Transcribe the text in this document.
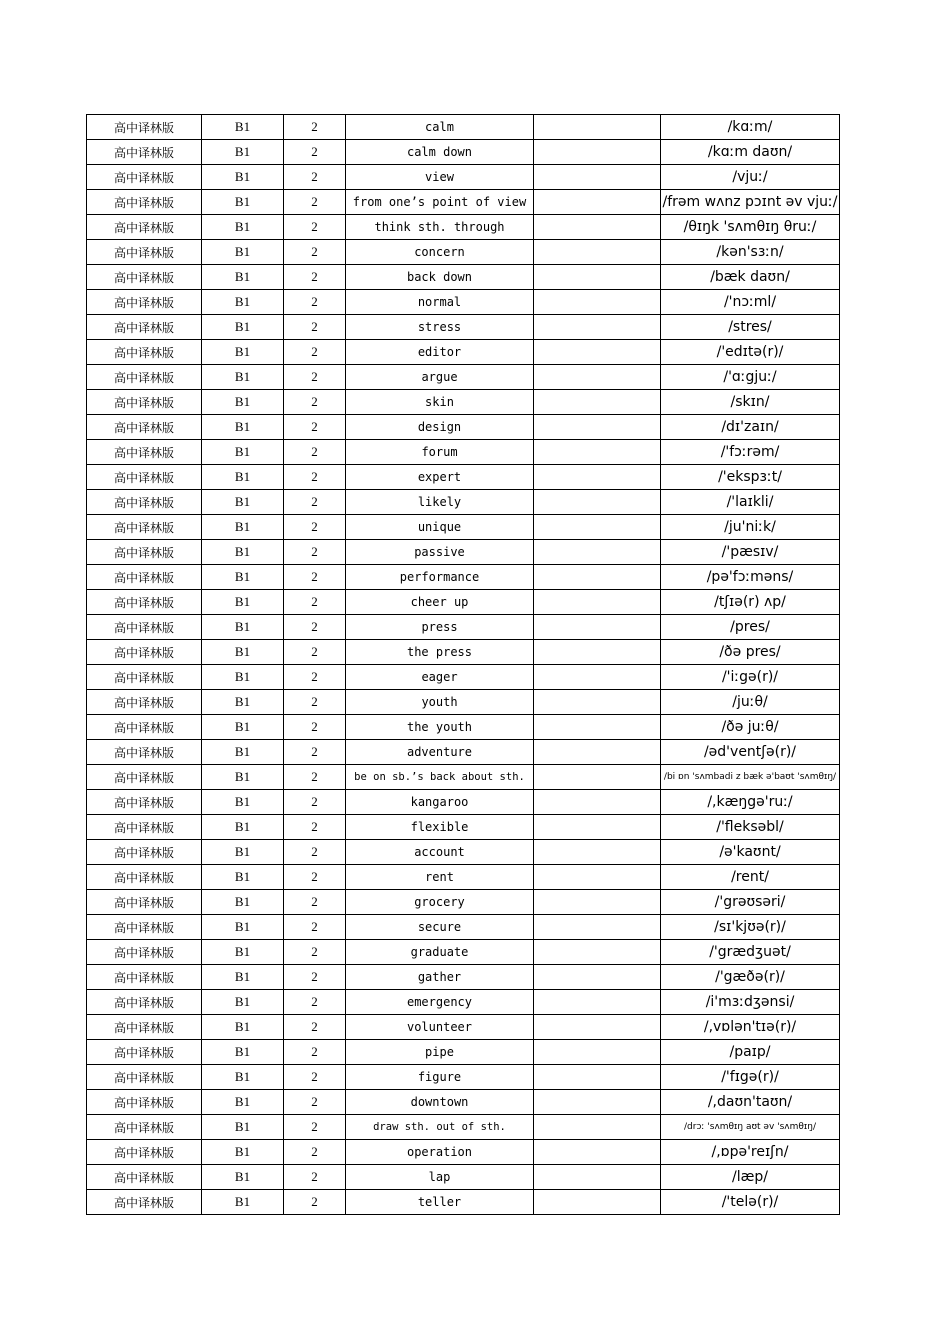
高中译林版	B1	2	calm		/kɑːm/
高中译林版	B1	2	calm down		/kɑːm daʊn/
高中译林版	B1	2	view		/vjuː/
高中译林版	B1	2	from one’s point of view		/frəm wʌnz pɔɪnt əv vjuː/
高中译林版	B1	2	think sth. through		/θɪŋk 'sʌmθɪŋ θruː/
高中译林版	B1	2	concern		/kən'sɜːn/
高中译林版	B1	2	back down		/bæk daʊn/
高中译林版	B1	2	normal		/'nɔːml/
高中译林版	B1	2	stress		/stres/
高中译林版	B1	2	editor		/'edɪtə(r)/
高中译林版	B1	2	argue		/'ɑːgjuː/
高中译林版	B1	2	skin		/skɪn/
高中译林版	B1	2	design		/dɪ'zaɪn/
高中译林版	B1	2	forum		/'fɔːrəm/
高中译林版	B1	2	expert		/'ekspɜːt/
高中译林版	B1	2	likely		/'laɪkli/
高中译林版	B1	2	unique		/ju'niːk/
高中译林版	B1	2	passive		/'pæsɪv/
高中译林版	B1	2	performance		/pə'fɔːməns/
高中译林版	B1	2	cheer up		/tʃɪə(r) ʌp/
高中译林版	B1	2	press		/pres/
高中译林版	B1	2	the press		/ðə pres/
高中译林版	B1	2	eager		/'iːgə(r)/
高中译林版	B1	2	youth		/juːθ/
高中译林版	B1	2	the youth		/ðə juːθ/
高中译林版	B1	2	adventure		/əd'ventʃə(r)/
高中译林版	B1	2	be on sb.’s back about sth.		/bi ɒn 'sʌmbadi z bæk ə'baʊt 'sʌmθɪŋ/
高中译林版	B1	2	kangaroo		/,kæŋgə'ruː/
高中译林版	B1	2	flexible		/'fleksəbl/
高中译林版	B1	2	account		/ə'kaʊnt/
高中译林版	B1	2	rent		/rent/
高中译林版	B1	2	grocery		/'grəʊsəri/
高中译林版	B1	2	secure		/sɪ'kjʊə(r)/
高中译林版	B1	2	graduate		/'grædʒuət/
高中译林版	B1	2	gather		/'gæðə(r)/
高中译林版	B1	2	emergency		/i'mɜːdʒənsi/
高中译林版	B1	2	volunteer		/,vɒlən'tɪə(r)/
高中译林版	B1	2	pipe		/paɪp/
高中译林版	B1	2	figure		/'fɪgə(r)/
高中译林版	B1	2	downtown		/,daʊn'taʊn/
高中译林版	B1	2	draw sth. out of sth.		/drɔː 'sʌmθɪŋ aʊt əv 'sʌmθɪŋ/
高中译林版	B1	2	operation		/,ɒpə'reɪʃn/
高中译林版	B1	2	lap		/læp/
高中译林版	B1	2	teller		/'telə(r)/
